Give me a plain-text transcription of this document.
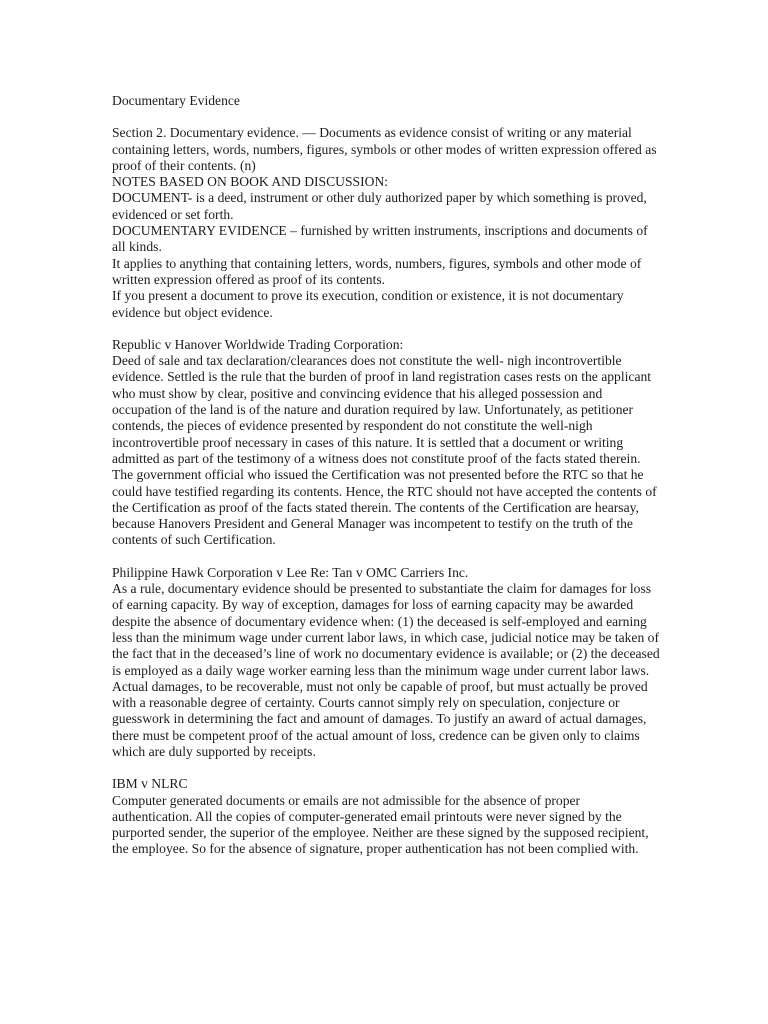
Documentary Evidence

Section 2. Documentary evidence. — Documents as evidence consist of writing or any material containing letters, words, numbers, figures, symbols or other modes of written expression offered as proof of their contents. (n)

NOTES BASED ON BOOK AND DISCUSSION:

DOCUMENT- is a deed, instrument or other duly authorized paper by which something is proved, evidenced or set forth.

DOCUMENTARY EVIDENCE – furnished by written instruments, inscriptions and documents of all kinds.

It applies to anything that containing letters, words, numbers, figures, symbols and other mode of written expression offered as proof of its contents.

If you present a document to prove its execution, condition or existence, it is not documentary evidence but object evidence.

Republic v Hanover Worldwide Trading Corporation:

Deed of sale and tax declaration/clearances does not constitute the well- nigh incontrovertible evidence. Settled is the rule that the burden of proof in land registration cases rests on the applicant who must show by clear, positive and convincing evidence that his alleged possession and occupation of the land is of the nature and duration required by law. Unfortunately, as petitioner contends, the pieces of evidence presented by respondent do not constitute the well-nigh incontrovertible proof necessary in cases of this nature. It is settled that a document or writing admitted as part of the testimony of a witness does not constitute proof of the facts stated therein.

The government official who issued the Certification was not presented before the RTC so that he could have testified regarding its contents. Hence, the RTC should not have accepted the contents of the Certification as proof of the facts stated therein. The contents of the Certification are hearsay, because Hanovers President and General Manager was incompetent to testify on the truth of the contents of such Certification.

Philippine Hawk Corporation v Lee Re: Tan v OMC Carriers Inc.

As a rule, documentary evidence should be presented to substantiate the claim for damages for loss of earning capacity. By way of exception, damages for loss of earning capacity may be awarded despite the absence of documentary evidence when: (1) the deceased is self-employed and earning less than the minimum wage under current labor laws, in which case, judicial notice may be taken of the fact that in the deceased’s line of work no documentary evidence is available; or (2) the deceased is employed as a daily wage worker earning less than the minimum wage under current labor laws.

Actual damages, to be recoverable, must not only be capable of proof, but must actually be proved with a reasonable degree of certainty. Courts cannot simply rely on speculation, conjecture or guesswork in determining the fact and amount of damages. To justify an award of actual damages, there must be competent proof of the actual amount of loss, credence can be given only to claims which are duly supported by receipts.

IBM v NLRC

Computer generated documents or emails are not admissible for the absence of proper authentication. All the copies of computer-generated email printouts were never signed by the purported sender, the superior of the employee. Neither are these signed by the supposed recipient, the employee. So for the absence of signature, proper authentication has not been complied with.
